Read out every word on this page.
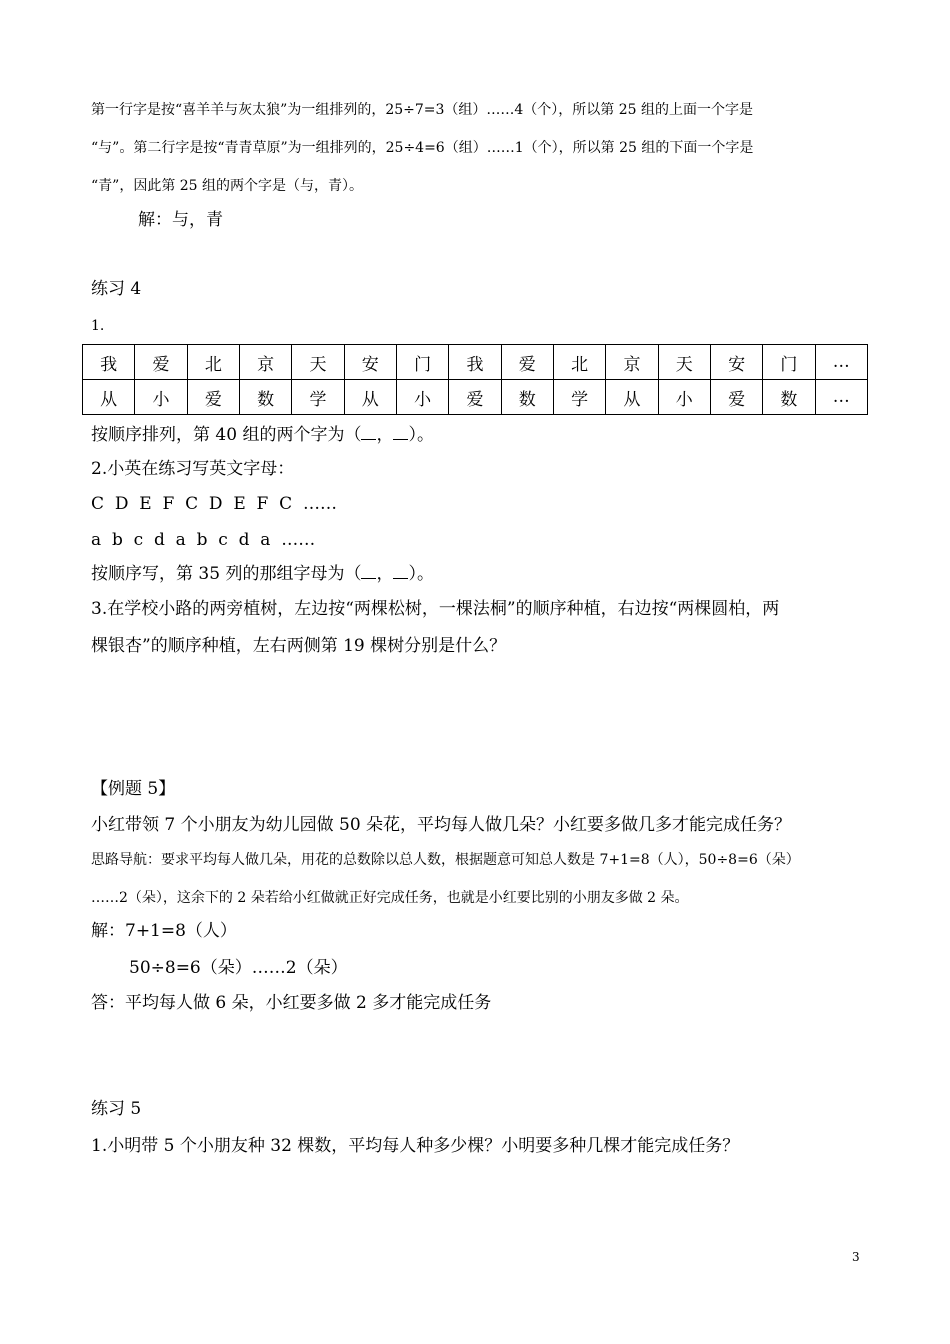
第一行字是按“喜羊羊与灰太狼”为一组排列的，25÷7=3（组）……4（个），所以第 25 组的上面一个字是
“与”。第二行字是按“青青草原”为一组排列的，25÷4=6（组）……1（个），所以第 25 组的下面一个字是
“青”，因此第 25 组的两个字是（与，青）。
解：与，青
练习 4
1.
我	爱	北	京	天	安	门	我	爱	北	京	天	安	门	…
从	小	爱	数	学	从	小	爱	数	学	从	小	爱	数	…
按顺序排列，第 40 组的两个字为（ ， ）。
2.小英在练习写英文字母：
C  D  E  F  C  D  E  F  C  ……
a  b  c  d  a  b  c  d  a  ……
按顺序写，第 35 列的那组字母为（ ， ）。
3.在学校小路的两旁植树，左边按“两棵松树，一棵法桐”的顺序种植，右边按“两棵圆柏，两
棵银杏”的顺序种植，左右两侧第 19 棵树分别是什么？
【例题 5】
小红带领 7 个小朋友为幼儿园做 50 朵花，平均每人做几朵？小红要多做几多才能完成任务？
思路导航：要求平均每人做几朵，用花的总数除以总人数，根据题意可知总人数是 7+1=8（人），50÷8=6（朵）
……2（朵），这余下的 2 朵若给小红做就正好完成任务，也就是小红要比别的小朋友多做 2 朵。
解：7+1=8（人）
50÷8=6（朵）……2（朵）
答：平均每人做 6 朵，小红要多做 2 多才能完成任务
练习 5
1.小明带 5 个小朋友种 32 棵数，平均每人种多少棵？小明要多种几棵才能完成任务？
3
